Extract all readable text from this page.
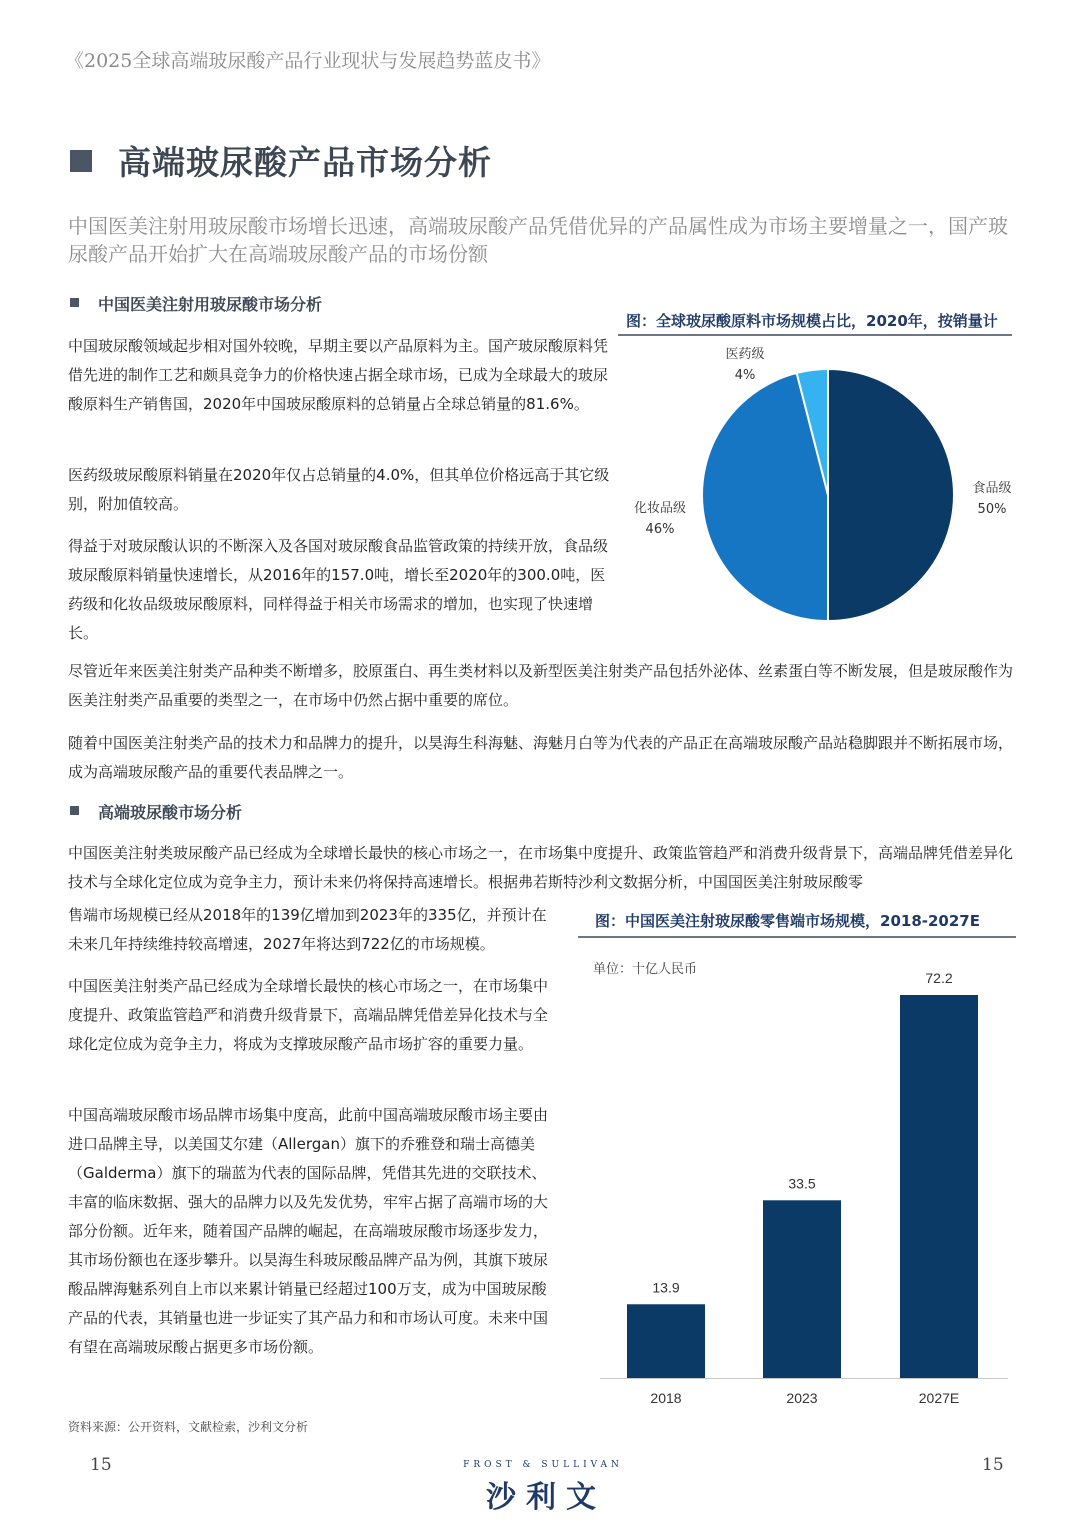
《2025全球高端玻尿酸产品行业现状与发展趋势蓝皮书》
高端玻尿酸产品市场分析
中国医美注射用玻尿酸市场增长迅速，高端玻尿酸产品凭借优异的产品属性成为市场主要增量之一，国产玻尿酸产品开始扩大在高端玻尿酸产品的市场份额
中国医美注射用玻尿酸市场分析
中国玻尿酸领域起步相对国外较晚，早期主要以产品原料为主。国产玻尿酸原料凭借先进的制作工艺和颇具竞争力的价格快速占据全球市场，已成为全球最大的玻尿酸原料生产销售国，2020年中国玻尿酸原料的总销量占全球总销量的81.6%。
医药级玻尿酸原料销量在2020年仅占总销量的4.0%，但其单位价格远高于其它级别，附加值较高。
得益于对玻尿酸认识的不断深入及各国对玻尿酸食品监管政策的持续开放，食品级玻尿酸原料销量快速增长，从2016年的157.0吨，增长至2020年的300.0吨，医药级和化妆品级玻尿酸原料，同样得益于相关市场需求的增加，也实现了快速增长。
尽管近年来医美注射类产品种类不断增多，胶原蛋白、再生类材料以及新型医美注射类产品包括外泌体、丝素蛋白等不断发展，但是玻尿酸作为医美注射类产品重要的类型之一，在市场中仍然占据中重要的席位。
随着中国医美注射类产品的技术力和品牌力的提升，以昊海生科海魅、海魅月白等为代表的产品正在高端玻尿酸产品站稳脚跟并不断拓展市场，成为高端玻尿酸产品的重要代表品牌之一。
图：全球玻尿酸原料市场规模占比，2020年，按销量计
医药级
4%
食品级
50%
化妆品级
46%
高端玻尿酸市场分析
中国医美注射类玻尿酸产品已经成为全球增长最快的核心市场之一，在市场集中度提升、政策监管趋严和消费升级背景下，高端品牌凭借差异化技术与全球化定位成为竞争主力，预计未来仍将保持高速增长。根据弗若斯特沙利文数据分析，中国国医美注射玻尿酸零
售端市场规模已经从2018年的139亿增加到2023年的335亿，并预计在未来几年持续维持较高增速，2027年将达到722亿的市场规模。
中国医美注射类产品已经成为全球增长最快的核心市场之一，在市场集中度提升、政策监管趋严和消费升级背景下，高端品牌凭借差异化技术与全球化定位成为竞争主力，将成为支撑玻尿酸产品市场扩容的重要力量。
中国高端玻尿酸市场品牌市场集中度高，此前中国高端玻尿酸市场主要由进口品牌主导，以美国艾尔建（Allergan）旗下的乔雅登和瑞士高德美（Galderma）旗下的瑞蓝为代表的国际品牌，凭借其先进的交联技术、丰富的临床数据、强大的品牌力以及先发优势，牢牢占据了高端市场的大部分份额。近年来，随着国产品牌的崛起，在高端玻尿酸市场逐步发力，其市场份额也在逐步攀升。以昊海生科玻尿酸品牌产品为例，其旗下玻尿酸品牌海魅系列自上市以来累计销量已经超过100万支，成为中国玻尿酸产品的代表，其销量也进一步证实了其产品力和和市场认可度。未来中国有望在高端玻尿酸占据更多市场份额。
图：中国医美注射玻尿酸零售端市场规模，2018-2027E
单位：十亿人民币
13.9
2018
33.5
2023
72.2
2027E
资料来源：公开资料，文献检索，沙利文分析
15	15
FROST & SULLIVAN
沙利文
